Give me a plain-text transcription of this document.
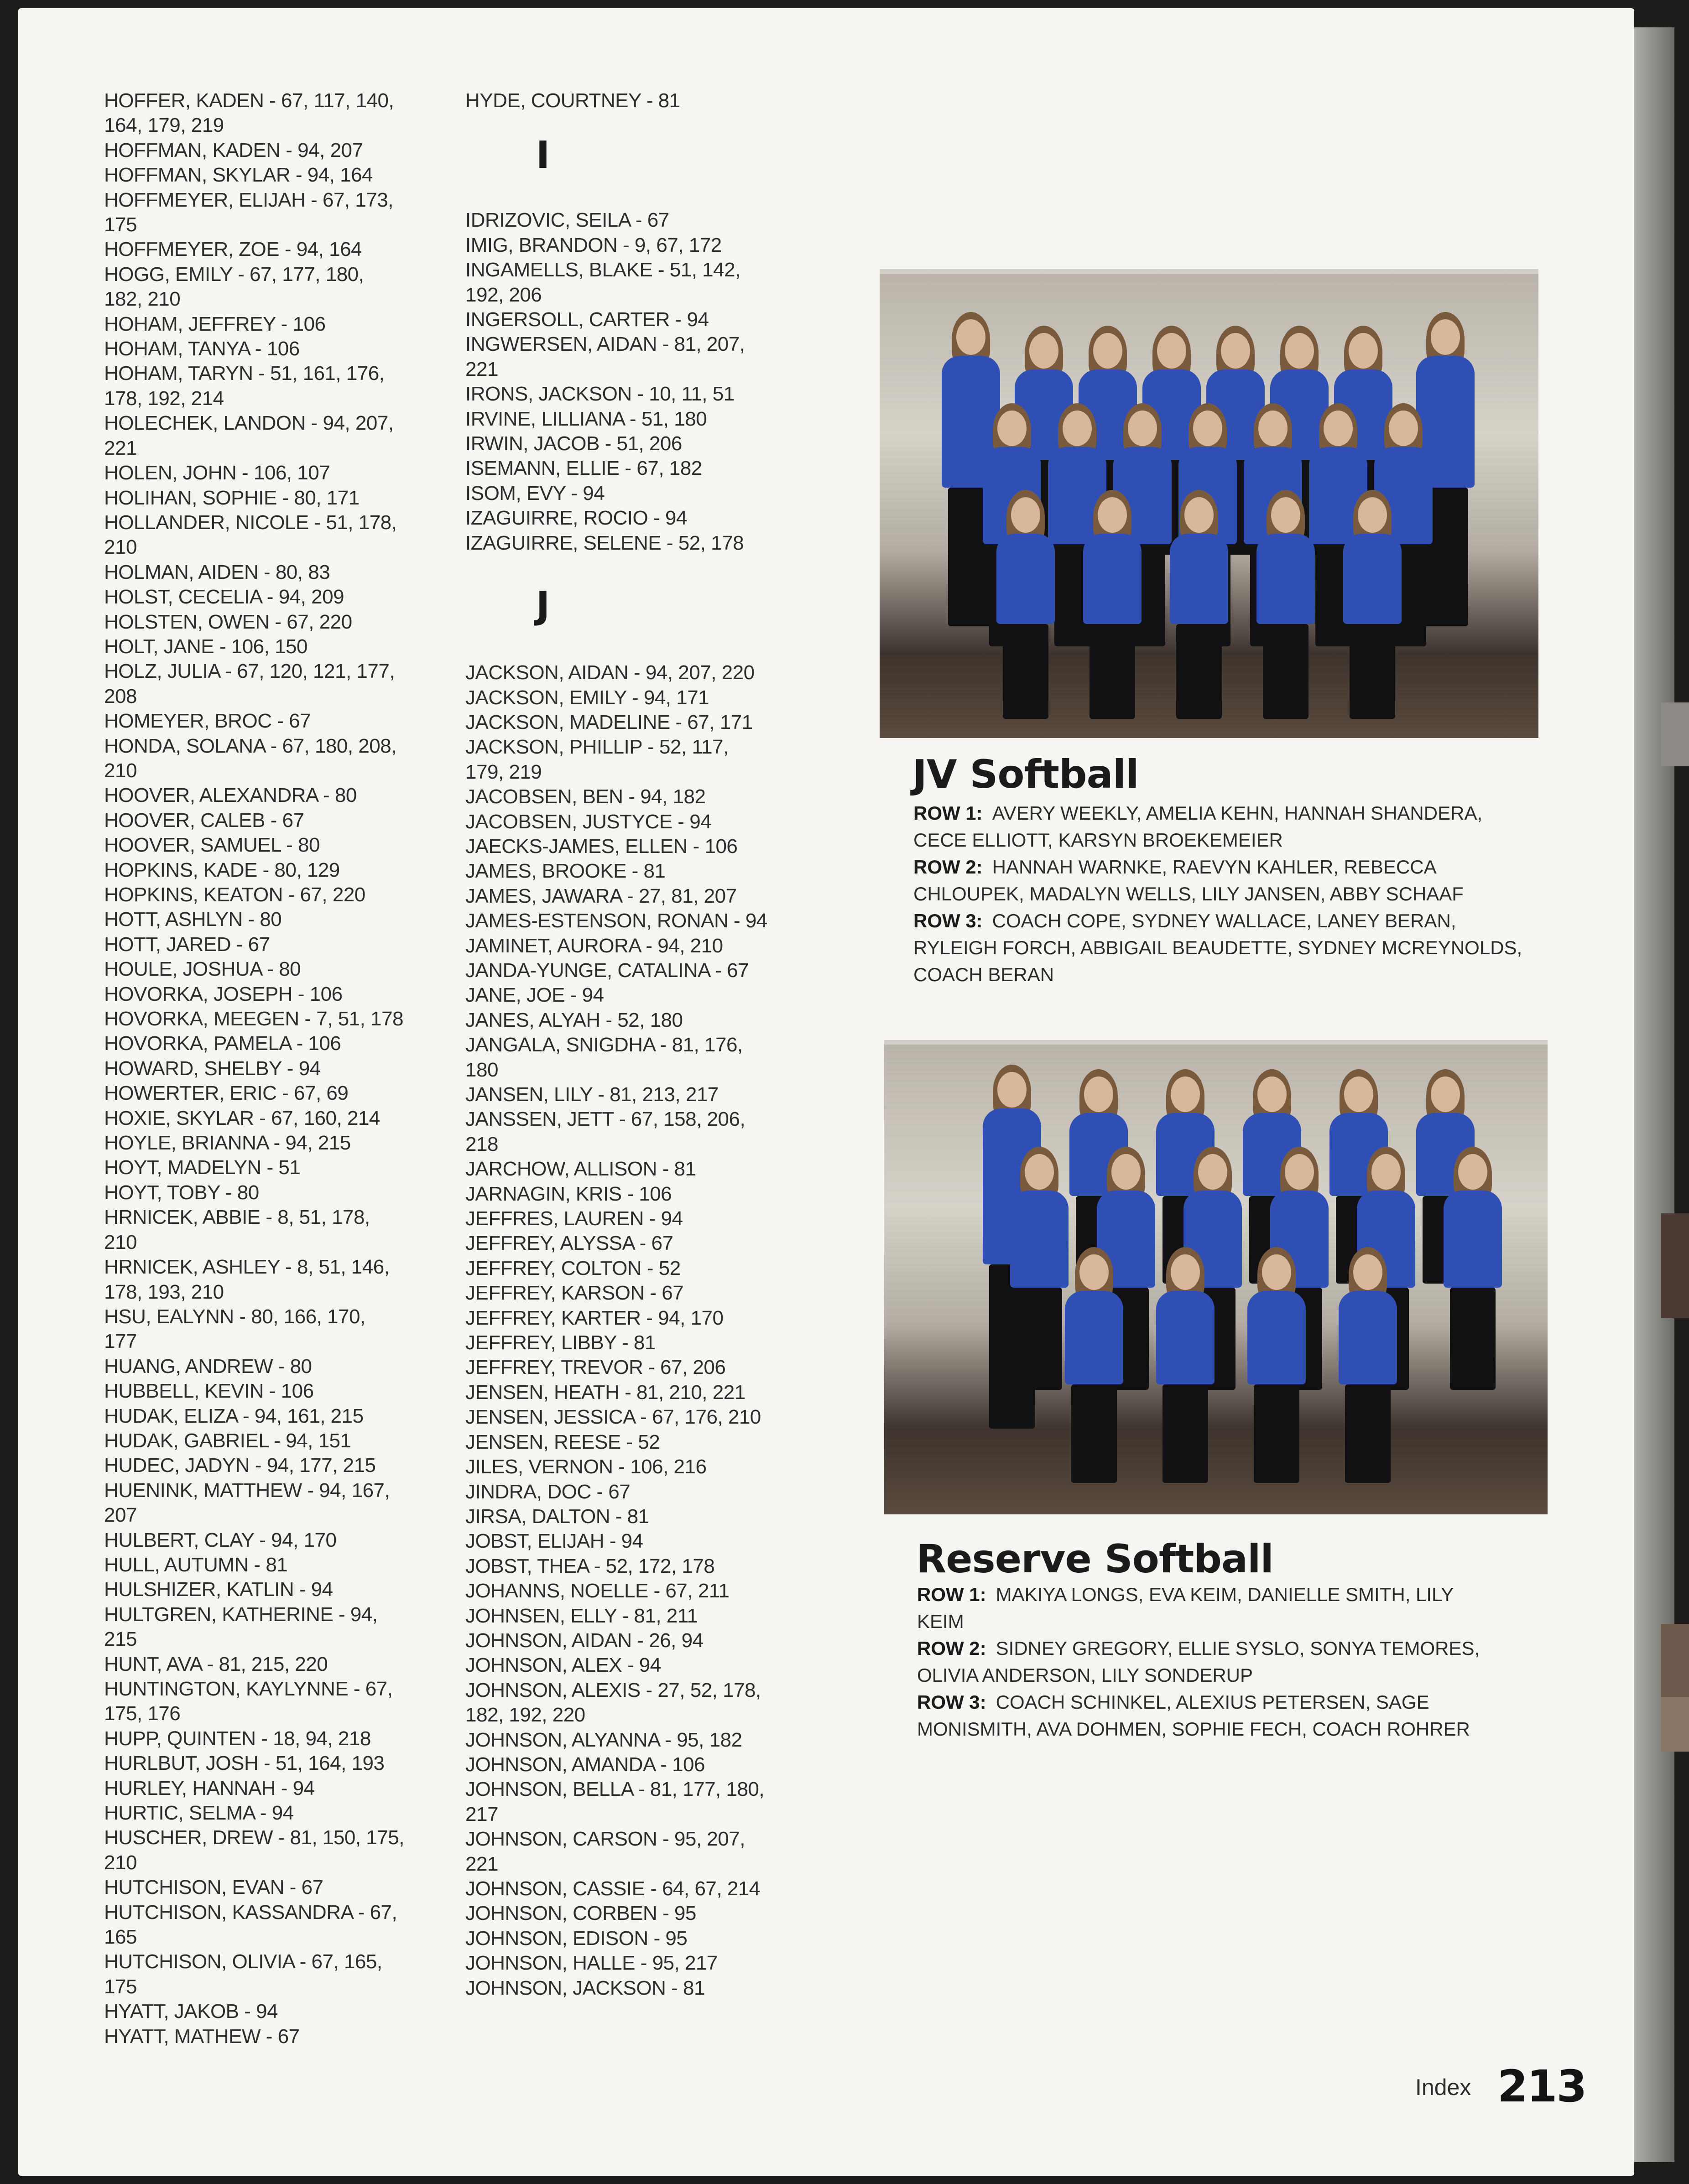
HOFFER, KADEN - 67, 117, 140,
164, 179, 219
HOFFMAN, KADEN - 94, 207
HOFFMAN, SKYLAR - 94, 164
HOFFMEYER, ELIJAH - 67, 173,
175
HOFFMEYER, ZOE - 94, 164
HOGG, EMILY - 67, 177, 180,
182, 210
HOHAM, JEFFREY - 106
HOHAM, TANYA - 106
HOHAM, TARYN - 51, 161, 176,
178, 192, 214
HOLECHEK, LANDON - 94, 207,
221
HOLEN, JOHN - 106, 107
HOLIHAN, SOPHIE - 80, 171
HOLLANDER, NICOLE - 51, 178,
210
HOLMAN, AIDEN - 80, 83
HOLST, CECELIA - 94, 209
HOLSTEN, OWEN - 67, 220
HOLT, JANE - 106, 150
HOLZ, JULIA - 67, 120, 121, 177,
208
HOMEYER, BROC - 67
HONDA, SOLANA - 67, 180, 208,
210
HOOVER, ALEXANDRA - 80
HOOVER, CALEB - 67
HOOVER, SAMUEL - 80
HOPKINS, KADE - 80, 129
HOPKINS, KEATON - 67, 220
HOTT, ASHLYN - 80
HOTT, JARED - 67
HOULE, JOSHUA - 80
HOVORKA, JOSEPH - 106
HOVORKA, MEEGEN - 7, 51, 178
HOVORKA, PAMELA - 106
HOWARD, SHELBY - 94
HOWERTER, ERIC - 67, 69
HOXIE, SKYLAR - 67, 160, 214
HOYLE, BRIANNA - 94, 215
HOYT, MADELYN - 51
HOYT, TOBY - 80
HRNICEK, ABBIE - 8, 51, 178,
210
HRNICEK, ASHLEY - 8, 51, 146,
178, 193, 210
HSU, EALYNN - 80, 166, 170,
177
HUANG, ANDREW - 80
HUBBELL, KEVIN - 106
HUDAK, ELIZA - 94, 161, 215
HUDAK, GABRIEL - 94, 151
HUDEC, JADYN - 94, 177, 215
HUENINK, MATTHEW - 94, 167,
207
HULBERT, CLAY - 94, 170
HULL, AUTUMN - 81
HULSHIZER, KATLIN - 94
HULTGREN, KATHERINE - 94,
215
HUNT, AVA - 81, 215, 220
HUNTINGTON, KAYLYNNE - 67,
175, 176
HUPP, QUINTEN - 18, 94, 218
HURLBUT, JOSH - 51, 164, 193
HURLEY, HANNAH - 94
HURTIC, SELMA - 94
HUSCHER, DREW - 81, 150, 175,
210
HUTCHISON, EVAN - 67
HUTCHISON, KASSANDRA - 67,
165
HUTCHISON, OLIVIA - 67, 165,
175
HYATT, JAKOB - 94
HYATT, MATHEW - 67
HYDE, COURTNEY - 81
I
IDRIZOVIC, SEILA - 67
IMIG, BRANDON - 9, 67, 172
INGAMELLS, BLAKE - 51, 142,
192, 206
INGERSOLL, CARTER - 94
INGWERSEN, AIDAN - 81, 207,
221
IRONS, JACKSON - 10, 11, 51
IRVINE, LILLIANA - 51, 180
IRWIN, JACOB - 51, 206
ISEMANN, ELLIE - 67, 182
ISOM, EVY - 94
IZAGUIRRE, ROCIO - 94
IZAGUIRRE, SELENE - 52, 178
J
JACKSON, AIDAN - 94, 207, 220
JACKSON, EMILY - 94, 171
JACKSON, MADELINE - 67, 171
JACKSON, PHILLIP - 52, 117,
179, 219
JACOBSEN, BEN - 94, 182
JACOBSEN, JUSTYCE - 94
JAECKS-JAMES, ELLEN - 106
JAMES, BROOKE - 81
JAMES, JAWARA - 27, 81, 207
JAMES-ESTENSON, RONAN - 94
JAMINET, AURORA - 94, 210
JANDA-YUNGE, CATALINA - 67
JANE, JOE - 94
JANES, ALYAH - 52, 180
JANGALA, SNIGDHA - 81, 176,
180
JANSEN, LILY - 81, 213, 217
JANSSEN, JETT - 67, 158, 206,
218
JARCHOW, ALLISON - 81
JARNAGIN, KRIS - 106
JEFFRES, LAUREN - 94
JEFFREY, ALYSSA - 67
JEFFREY, COLTON - 52
JEFFREY, KARSON - 67
JEFFREY, KARTER - 94, 170
JEFFREY, LIBBY - 81
JEFFREY, TREVOR - 67, 206
JENSEN, HEATH - 81, 210, 221
JENSEN, JESSICA - 67, 176, 210
JENSEN, REESE - 52
JILES, VERNON - 106, 216
JINDRA, DOC - 67
JIRSA, DALTON - 81
JOBST, ELIJAH - 94
JOBST, THEA - 52, 172, 178
JOHANNS, NOELLE - 67, 211
JOHNSEN, ELLY - 81, 211
JOHNSON, AIDAN - 26, 94
JOHNSON, ALEX - 94
JOHNSON, ALEXIS - 27, 52, 178,
182, 192, 220
JOHNSON, ALYANNA - 95, 182
JOHNSON, AMANDA - 106
JOHNSON, BELLA - 81, 177, 180,
217
JOHNSON, CARSON - 95, 207,
221
JOHNSON, CASSIE - 64, 67, 214
JOHNSON, CORBEN - 95
JOHNSON, EDISON - 95
JOHNSON, HALLE - 95, 217
JOHNSON, JACKSON - 81
JV Softball
ROW 1:  AVERY WEEKLY, AMELIA KEHN, HANNAH SHANDERA,
CECE ELLIOTT, KARSYN BROEKEMEIER
ROW 2:  HANNAH WARNKE, RAEVYN KAHLER, REBECCA
CHLOUPEK, MADALYN WELLS, LILY JANSEN, ABBY SCHAAF
ROW 3:  COACH COPE, SYDNEY WALLACE, LANEY BERAN,
RYLEIGH FORCH, ABBIGAIL BEAUDETTE, SYDNEY MCREYNOLDS,
COACH BERAN
Reserve Softball
ROW 1:  MAKIYA LONGS, EVA KEIM, DANIELLE SMITH, LILY
KEIM
ROW 2:  SIDNEY GREGORY, ELLIE SYSLO, SONYA TEMORES,
OLIVIA ANDERSON, LILY SONDERUP
ROW 3:  COACH SCHINKEL, ALEXIUS PETERSEN, SAGE
MONISMITH, AVA DOHMEN, SOPHIE FECH, COACH ROHRER
Index 213
